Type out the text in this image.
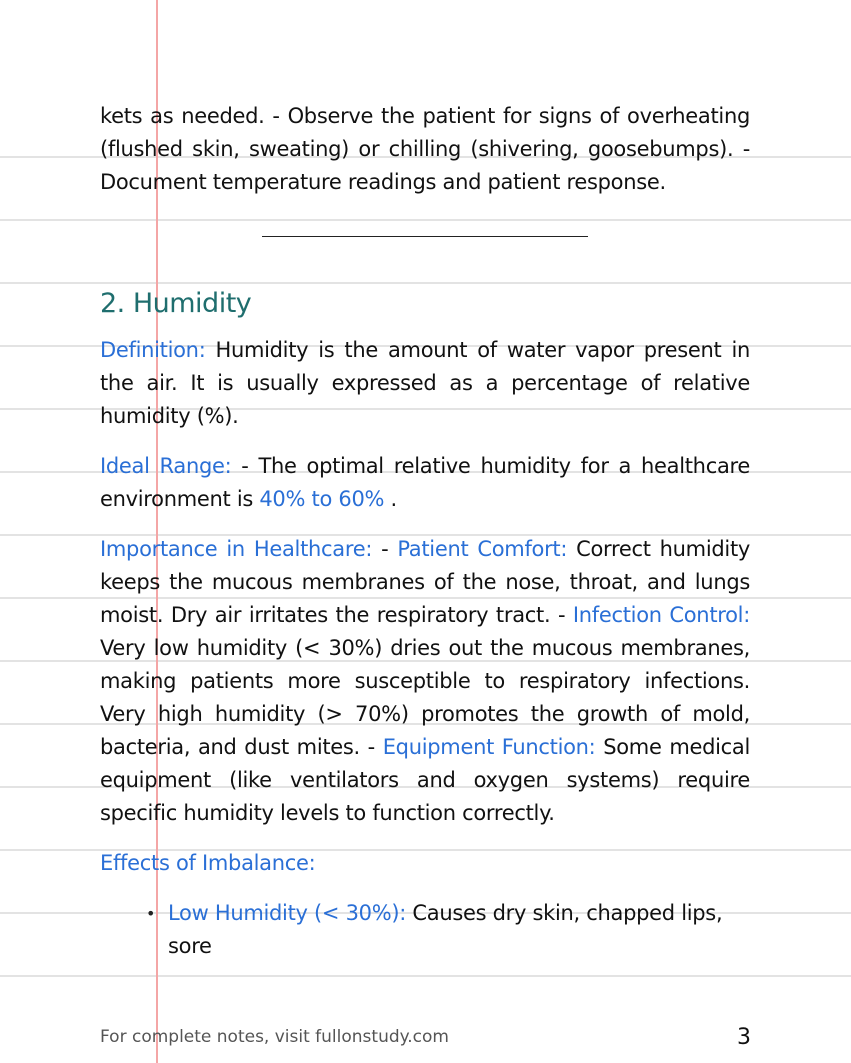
kets as needed. - Observe the patient for signs of overheating (flushed skin, sweating) or chilling (shivering, goosebumps). - Document temperature readings and patient response.

2. Humidity

Definition: Humidity is the amount of water vapor present in the air. It is usually expressed as a percentage of relative humidity (%).

Ideal Range: - The optimal relative humidity for a healthcare environment is 40% to 60% .

Importance in Healthcare: - Patient Comfort: Correct humidity keeps the mucous membranes of the nose, throat, and lungs moist. Dry air irritates the respiratory tract. - Infection Control: Very low humidity (< 30%) dries out the mucous membranes, making patients more susceptible to respiratory infections. Very high humidity (> 70%) promotes the growth of mold, bacteria, and dust mites. - Equipment Function: Some medical equipment (like ventilators and oxygen systems) require specific humidity levels to function correctly.

Effects of Imbalance:

• Low Humidity (< 30%): Causes dry skin, chapped lips, sore
For complete notes, visit fullonstudy.com	3
